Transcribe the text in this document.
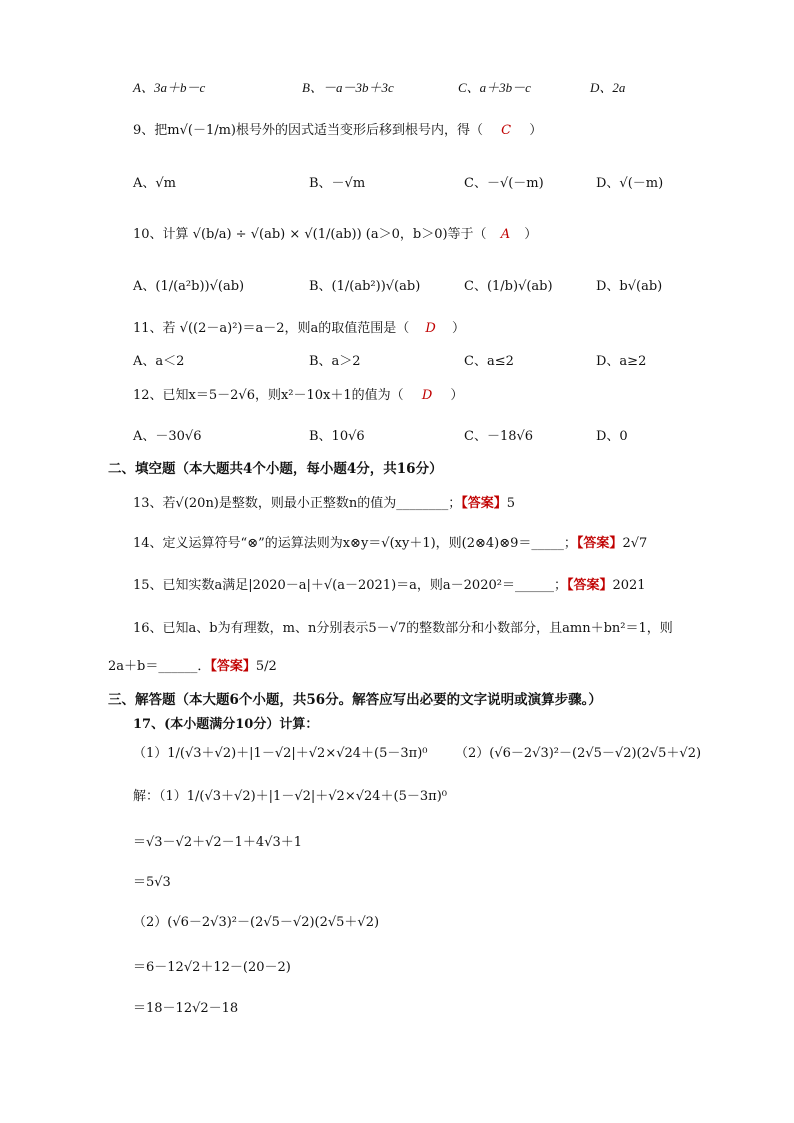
A、3a＋b－c	B、－a－3b＋3c	C、a＋3b－c	D、2a
9、把m√(－1/m)根号外的因式适当变形后移到根号内，得（ C ）
A、√m	B、－√m	C、－√(－m)	D、√(－m)
10、计算 √(b/a) ÷ √(ab) × √(1/(ab)) (a＞0，b＞0)等于（ A ）
A、(1/(a²b))√(ab)	B、(1/(ab²))√(ab)	C、(1/b)√(ab)	D、b√(ab)
11、若 √((2－a)²)＝a－2，则a的取值范围是（ D ）
A、a＜2	B、a＞2	C、a≤2	D、a≥2
12、已知x＝5－2√6，则x²－10x＋1的值为（ D ）
A、－30√6	B、10√6	C、－18√6	D、0
二、填空题（本大题共4个小题，每小题4分，共16分）
13、若√(20n)是整数，则最小正整数n的值为________；【答案】5
14、定义运算符号“⊗”的运算法则为x⊗y＝√(xy＋1)，则(2⊗4)⊗9＝_____；【答案】2√7
15、已知实数a满足|2020－a|＋√(a－2021)＝a，则a－2020²＝______；【答案】2021
16、已知a、b为有理数，m、n分别表示5－√7的整数部分和小数部分，且amn＋bn²＝1，则
2a＋b＝______．【答案】5/2
三、解答题（本大题6个小题，共56分。解答应写出必要的文字说明或演算步骤。）
17、(本小题满分10分）计算：
（1）1/(√3＋√2)＋|1－√2|＋√2×√24＋(5－3π)⁰ （2）(√6－2√3)²－(2√5－√2)(2√5＋√2)
解：（1）1/(√3＋√2)＋|1－√2|＋√2×√24＋(5－3π)⁰
＝√3－√2＋√2－1＋4√3＋1
＝5√3
（2）(√6－2√3)²－(2√5－√2)(2√5＋√2)
＝6－12√2＋12－(20－2)
＝18－12√2－18
